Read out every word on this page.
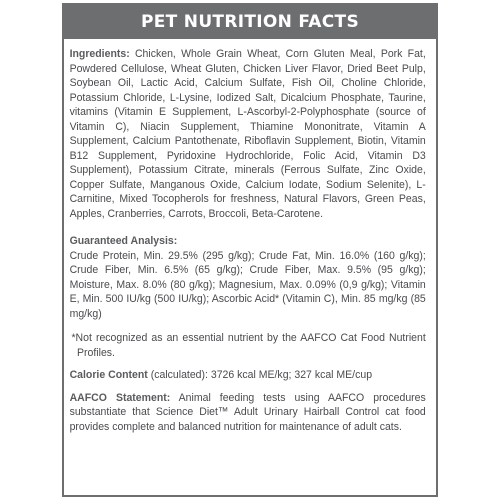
PET NUTRITION FACTS

Ingredients: Chicken, Whole Grain Wheat, Corn Gluten Meal, Pork Fat, Powdered Cellulose, Wheat Gluten, Chicken Liver Flavor, Dried Beet Pulp, Soybean Oil, Lactic Acid, Calcium Sulfate, Fish Oil, Choline Chloride, Potassium Chloride, L-Lysine, Iodized Salt, Dicalcium Phosphate, Taurine, vitamins (Vitamin E Supplement, L-Ascorbyl-2-Polyphosphate (source of Vitamin C), Niacin Supplement, Thiamine Mononitrate, Vitamin A Supplement, Calcium Pantothenate, Riboflavin Supplement, Biotin, Vitamin B12 Supplement, Pyridoxine Hydrochloride, Folic Acid, Vitamin D3 Supplement), Potassium Citrate, minerals (Ferrous Sulfate, Zinc Oxide, Copper Sulfate, Manganous Oxide, Calcium Iodate, Sodium Selenite), L-Carnitine, Mixed Tocopherols for freshness, Natural Flavors, Green Peas, Apples, Cranberries, Carrots, Broccoli, Beta-Carotene.

Guaranteed Analysis:

Crude Protein, Min. 29.5% (295 g/kg); Crude Fat, Min. 16.0% (160 g/kg); Crude Fiber, Min. 6.5% (65 g/kg); Crude Fiber, Max. 9.5% (95 g/kg); Moisture, Max. 8.0% (80 g/kg); Magnesium, Max. 0.09% (0,9 g/kg); Vitamin E, Min. 500 IU/kg (500 IU/kg); Ascorbic Acid* (Vitamin C), Min. 85 mg/kg (85 mg/kg)

*Not recognized as an essential nutrient by the AAFCO Cat Food Nutrient Profiles.

Calorie Content (calculated): 3726 kcal ME/kg; 327 kcal ME/cup

AAFCO Statement: Animal feeding tests using AAFCO procedures substantiate that Science Diet™ Adult Urinary Hairball Control cat food provides complete and balanced nutrition for maintenance of adult cats.
